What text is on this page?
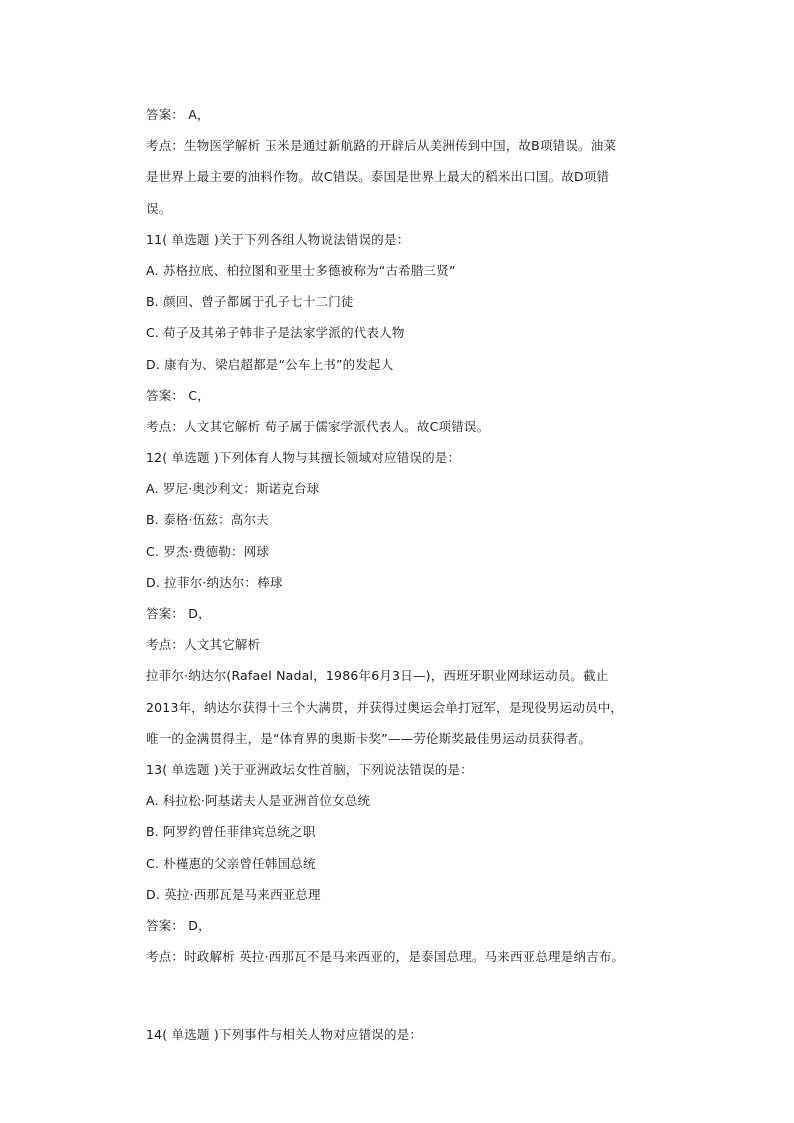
答案： A，
考点：生物医学解析 玉米是通过新航路的开辟后从美洲传到中国，故B项错误。油菜
是世界上最主要的油料作物。故C错误。泰国是世界上最大的稻米出口国。故D项错
误。
11( 单选题 )关于下列各组人物说法错误的是：
A. 苏格拉底、柏拉图和亚里士多德被称为“古希腊三贤”
B. 颜回、曾子都属于孔子七十二门徒
C. 荀子及其弟子韩非子是法家学派的代表人物
D. 康有为、梁启超都是“公车上书”的发起人
答案： C，
考点：人文其它解析 荀子属于儒家学派代表人。故C项错误。
12( 单选题 )下列体育人物与其擅长领域对应错误的是：
A. 罗尼·奥沙利文：斯诺克台球
B. 泰格·伍兹：高尔夫
C. 罗杰·费德勒：网球
D. 拉菲尔·纳达尔：棒球
答案： D，
考点：人文其它解析
拉菲尔·纳达尔(Rafael Nadal，1986年6月3日—)，西班牙职业网球运动员。截止
2013年，纳达尔获得十三个大满贯，并获得过奥运会单打冠军，是现役男运动员中，
唯一的金满贯得主，是“体育界的奥斯卡奖”——劳伦斯奖最佳男运动员获得者。
13( 单选题 )关于亚洲政坛女性首脑，下列说法错误的是：
A. 科拉松·阿基诺夫人是亚洲首位女总统
B. 阿罗约曾任菲律宾总统之职
C. 朴槿惠的父亲曾任韩国总统
D. 英拉·西那瓦是马来西亚总理
答案： D，
考点：时政解析 英拉·西那瓦不是马来西亚的，是泰国总理。马来西亚总理是纳吉布。
14( 单选题 )下列事件与相关人物对应错误的是：
